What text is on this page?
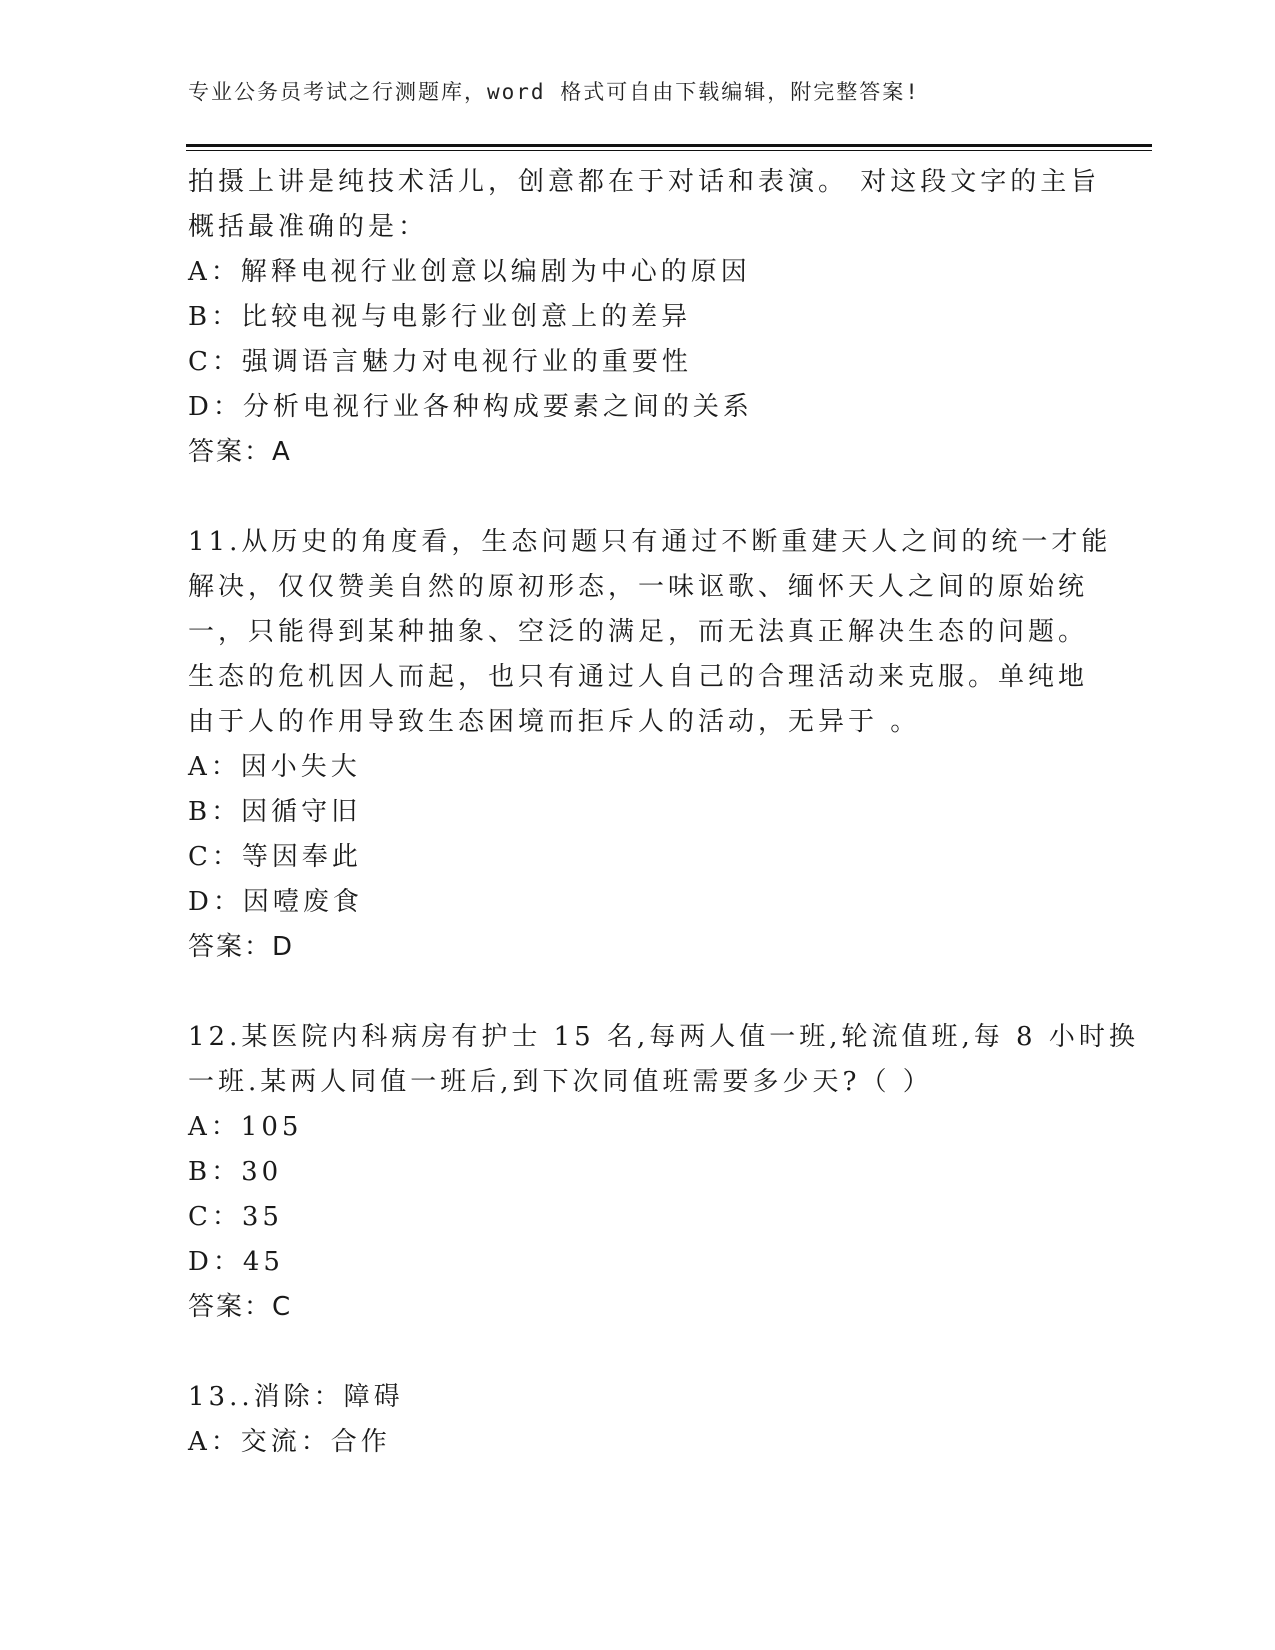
专业公务员考试之行测题库，word 格式可自由下载编辑，附完整答案!
拍摄上讲是纯技术活儿，创意都在于对话和表演。 对这段文字的主旨
概括最准确的是：
A：解释电视行业创意以编剧为中心的原因
B：比较电视与电影行业创意上的差异
C：强调语言魅力对电视行业的重要性
D：分析电视行业各种构成要素之间的关系
答案：A
11.从历史的角度看，生态问题只有通过不断重建天人之间的统一才能
解决，仅仅赞美自然的原初形态，一味讴歌、缅怀天人之间的原始统
一，只能得到某种抽象、空泛的满足，而无法真正解决生态的问题。
生态的危机因人而起，也只有通过人自己的合理活动来克服。单纯地
由于人的作用导致生态困境而拒斥人的活动，无异于 。
A：因小失大
B：因循守旧
C：等因奉此
D：因噎废食
答案：D
12.某医院内科病房有护士 15 名,每两人值一班,轮流值班,每 8 小时换
一班.某两人同值一班后,到下次同值班需要多少天?（ ）
A：105
B：30
C：35
D：45
答案：C
13..消除：障碍
A：交流：合作
